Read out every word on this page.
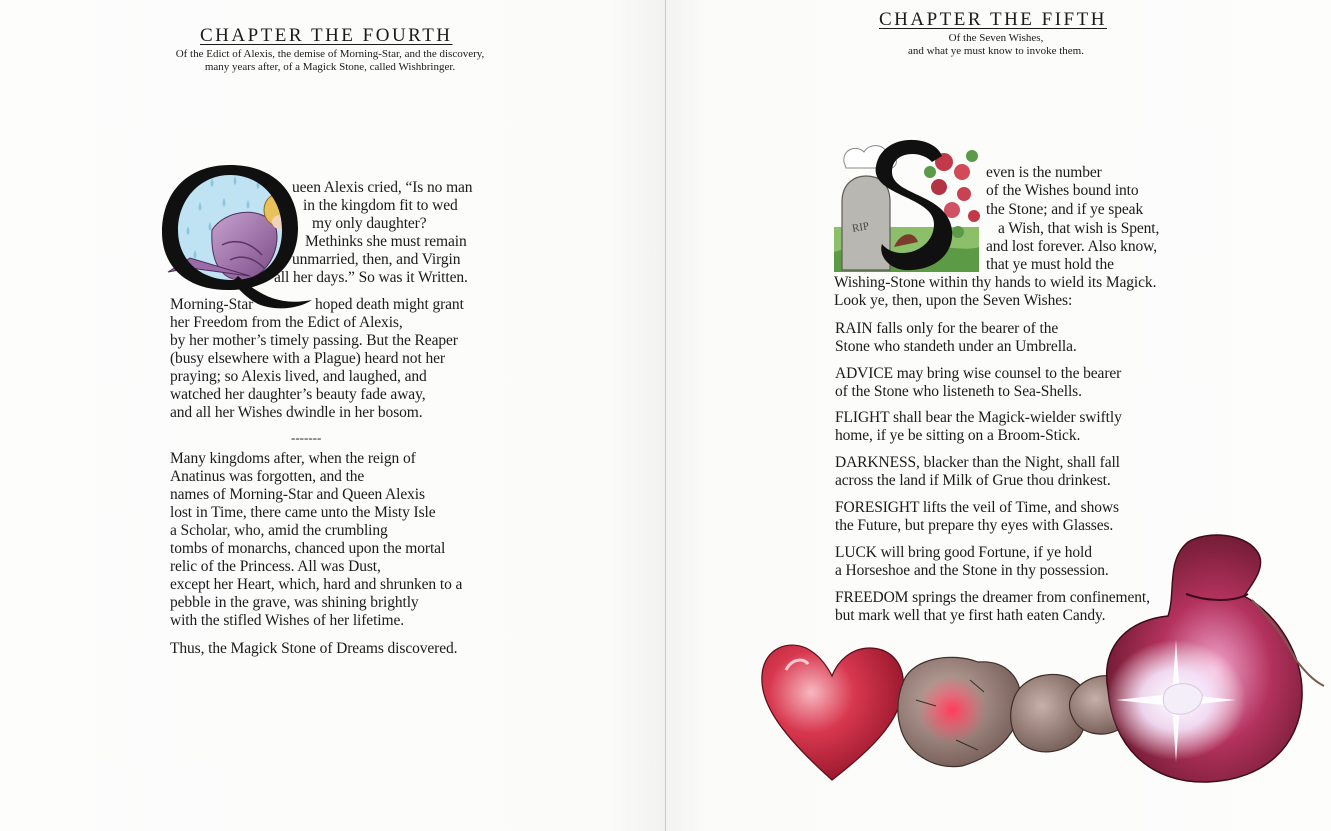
CHAPTER THE FOURTH
Of the Edict of Alexis, the demise of Morning-Star, and the discovery,
many years after, of a Magick Stone, called Wishbringer.

ueen Alexis cried, “Is no man

in the kingdom fit to wed

my only daughter?

Methinks she must remain

unmarried, then, and Virgin

all her days.” So was it Written.

Morning-Star	hoped death might grant

her Freedom from the Edict of Alexis,

by her mother’s timely passing. But the Reaper

(busy elsewhere with a Plague) heard not her

praying; so Alexis lived, and laughed, and

watched her daughter’s beauty fade away,

and all her Wishes dwindle in her bosom.

-------

Many kingdoms after, when the reign of

Anatinus was forgotten, and the

names of Morning-Star and Queen Alexis

lost in Time, there came unto the Misty Isle

a Scholar, who, amid the crumbling

tombs of monarchs, chanced upon the mortal

relic of the Princess. All was Dust,

except her Heart, which, hard and shrunken to a

pebble in the grave, was shining brightly

with the stifled Wishes of her lifetime.

Thus, the Magick Stone of Dreams discovered.

CHAPTER THE FIFTH
Of the Seven Wishes,
and what ye must know to invoke them.
RIP

even is the number

of the Wishes bound into

the Stone; and if ye speak

a Wish, that wish is Spent,

and lost forever. Also know,

that ye must hold the

Wishing-Stone within thy hands to wield its Magick.

Look ye, then, upon the Seven Wishes:

RAIN falls only for the bearer of the

Stone who standeth under an Umbrella.

ADVICE may bring wise counsel to the bearer

of the Stone who listeneth to Sea-Shells.

FLIGHT shall bear the Magick-wielder swiftly

home, if ye be sitting on a Broom-Stick.

DARKNESS, blacker than the Night, shall fall

across the land if Milk of Grue thou drinkest.

FORESIGHT lifts the veil of Time, and shows

the Future, but prepare thy eyes with Glasses.

LUCK will bring good Fortune, if ye hold

a Horseshoe and the Stone in thy possession.

FREEDOM springs the dreamer from confinement,

but mark well that ye first hath eaten Candy.
